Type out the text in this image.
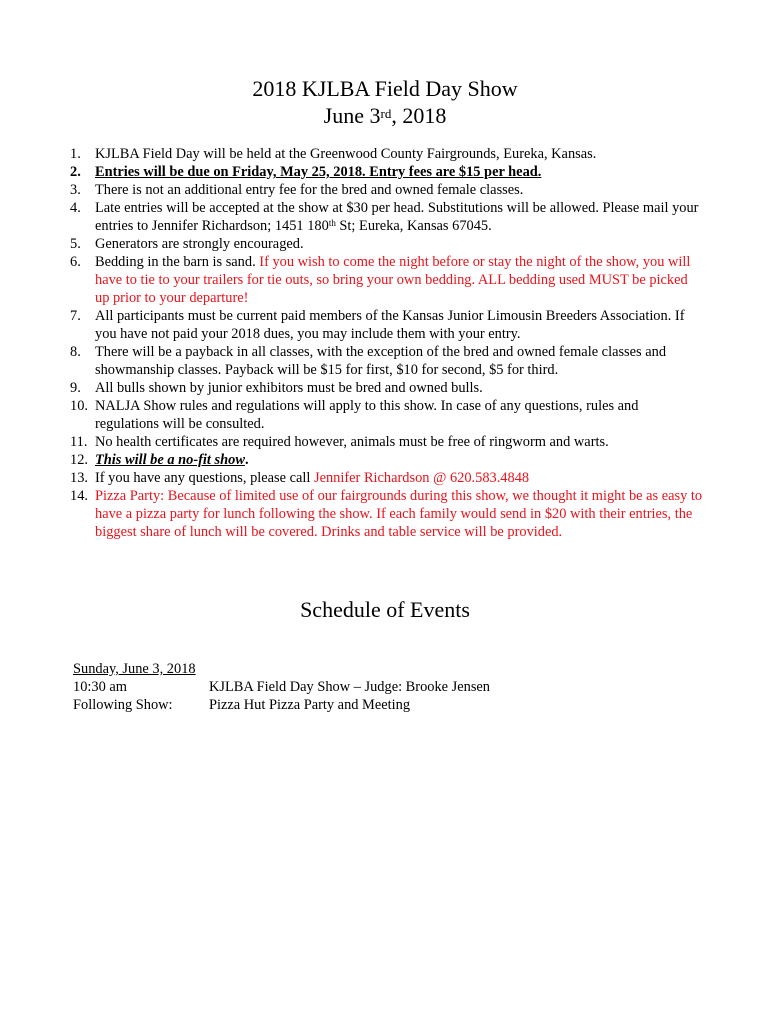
2018 KJLBA Field Day Show
June 3rd, 2018
1. KJLBA Field Day will be held at the Greenwood County Fairgrounds, Eureka, Kansas.
2. Entries will be due on Friday, May 25, 2018. Entry fees are $15 per head.
3. There is not an additional entry fee for the bred and owned female classes.
4. Late entries will be accepted at the show at $30 per head. Substitutions will be allowed. Please mail your entries to Jennifer Richardson; 1451 180th St; Eureka, Kansas 67045.
5. Generators are strongly encouraged.
6. Bedding in the barn is sand. If you wish to come the night before or stay the night of the show, you will have to tie to your trailers for tie outs, so bring your own bedding. ALL bedding used MUST be picked up prior to your departure!
7. All participants must be current paid members of the Kansas Junior Limousin Breeders Association. If you have not paid your 2018 dues, you may include them with your entry.
8. There will be a payback in all classes, with the exception of the bred and owned female classes and showmanship classes. Payback will be $15 for first, $10 for second, $5 for third.
9. All bulls shown by junior exhibitors must be bred and owned bulls.
10. NALJA Show rules and regulations will apply to this show. In case of any questions, rules and regulations will be consulted.
11. No health certificates are required however, animals must be free of ringworm and warts.
12. This will be a no-fit show.
13. If you have any questions, please call Jennifer Richardson @ 620.583.4848
14. Pizza Party: Because of limited use of our fairgrounds during this show, we thought it might be as easy to have a pizza party for lunch following the show. If each family would send in $20 with their entries, the biggest share of lunch will be covered. Drinks and table service will be provided.
Schedule of Events
Sunday, June 3, 2018
10:30 am	KJLBA Field Day Show – Judge: Brooke Jensen
Following Show:	Pizza Hut Pizza Party and Meeting
